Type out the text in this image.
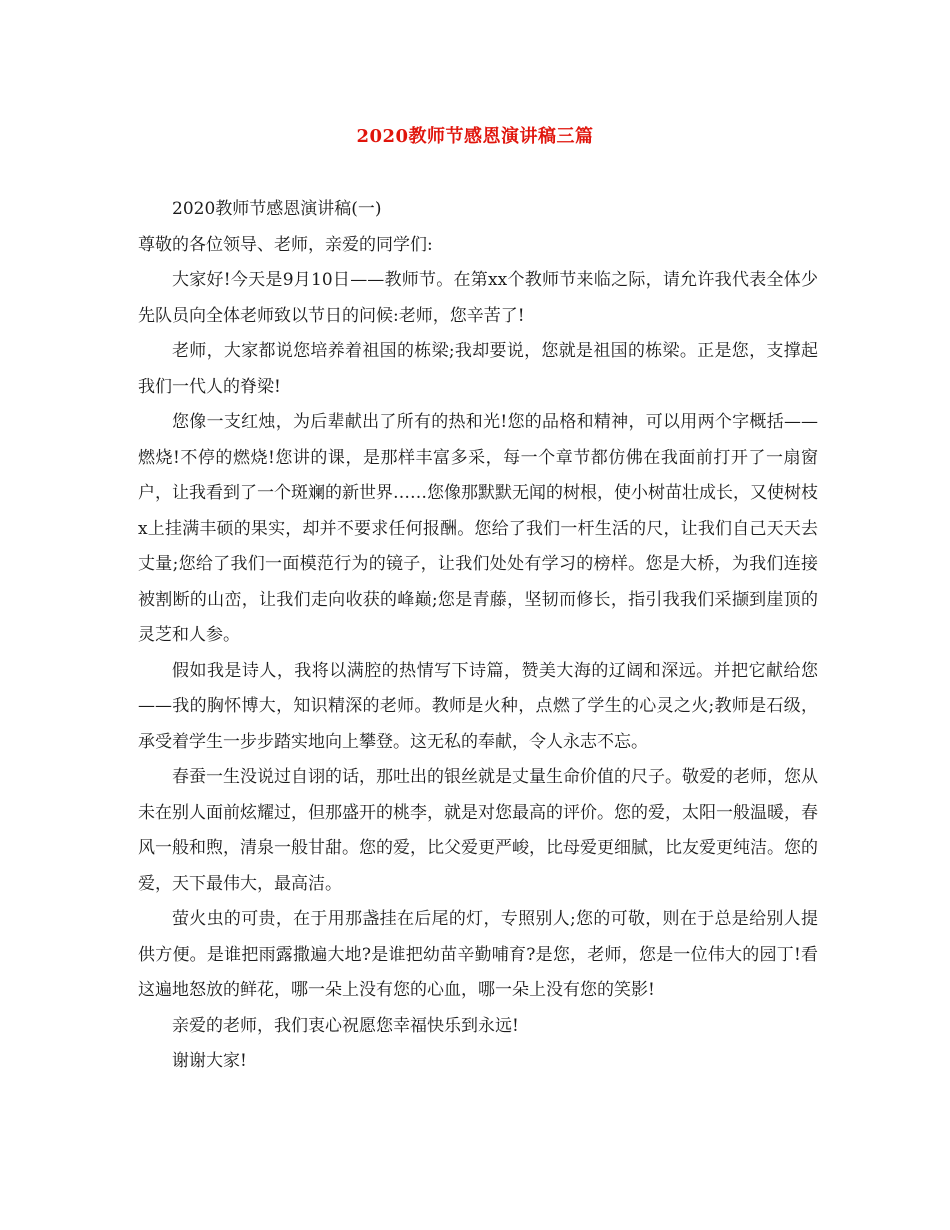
2020教师节感恩演讲稿三篇

2020教师节感恩演讲稿(一)

尊敬的各位领导、老师，亲爱的同学们:

大家好!今天是9月10日——教师节。在第xx个教师节来临之际，请允许我代表全体少先队员向全体老师致以节日的问候:老师，您辛苦了!

老师，大家都说您培养着祖国的栋梁;我却要说，您就是祖国的栋梁。正是您，支撑起我们一代人的脊梁!

您像一支红烛，为后辈献出了所有的热和光!您的品格和精神，可以用两个字概括——燃烧!不停的燃烧!您讲的课，是那样丰富多采，每一个章节都仿佛在我面前打开了一扇窗户，让我看到了一个斑斓的新世界……您像那默默无闻的树根，使小树苗壮成长，又使树枝x上挂满丰硕的果实，却并不要求任何报酬。您给了我们一杆生活的尺，让我们自己天天去丈量;您给了我们一面模范行为的镜子，让我们处处有学习的榜样。您是大桥，为我们连接被割断的山峦，让我们走向收获的峰巅;您是青藤，坚韧而修长，指引我我们采撷到崖顶的灵芝和人参。

假如我是诗人，我将以满腔的热情写下诗篇，赞美大海的辽阔和深远。并把它献给您——我的胸怀博大，知识精深的老师。教师是火种，点燃了学生的心灵之火;教师是石级，承受着学生一步步踏实地向上攀登。这无私的奉献，令人永志不忘。

春蚕一生没说过自诩的话，那吐出的银丝就是丈量生命价值的尺子。敬爱的老师，您从未在别人面前炫耀过，但那盛开的桃李，就是对您最高的评价。您的爱，太阳一般温暖，春风一般和煦，清泉一般甘甜。您的爱，比父爱更严峻，比母爱更细腻，比友爱更纯洁。您的爱，天下最伟大，最高洁。

萤火虫的可贵，在于用那盏挂在后尾的灯，专照别人;您的可敬，则在于总是给别人提供方便。是谁把雨露撒遍大地?是谁把幼苗辛勤哺育?是您，老师，您是一位伟大的园丁!看这遍地怒放的鲜花，哪一朵上没有您的心血，哪一朵上没有您的笑影!

亲爱的老师，我们衷心祝愿您幸福快乐到永远!

谢谢大家!
